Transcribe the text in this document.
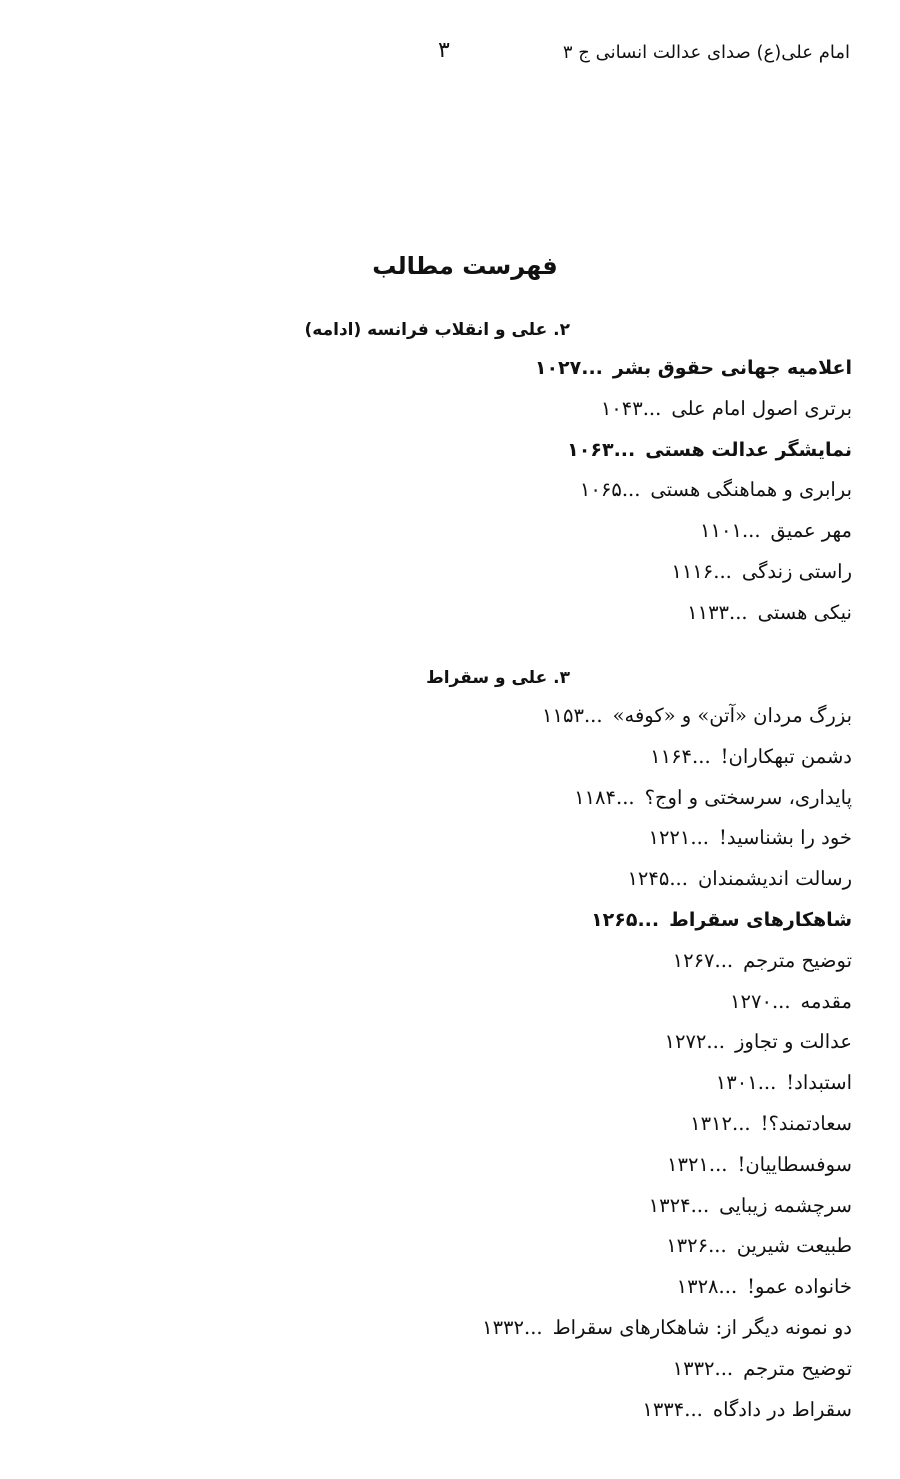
امام علی(ع) صدای عدالت انسانی ج ۳
۳
فهرست مطالب
۲. علی و انقلاب فرانسه (ادامه)
اعلامیه جهانی حقوق بشر
...۱۰۲۷
برتری اصول امام علی
...۱۰۴۳
نمایشگر عدالت هستی
...۱۰۶۳
برابری و هماهنگی هستی
...۱۰۶۵
مهر عمیق
...۱۱۰۱
راستی زندگی
...۱۱۱۶
نیکی هستی
...۱۱۳۳
۳. علی و سقراط
بزرگ مردان «آتن» و «کوفه»
...۱۱۵۳
دشمن تبهکاران!
...۱۱۶۴
پایداری، سرسختی و اوج؟
...۱۱۸۴
خود را بشناسید!
...۱۲۲۱
رسالت اندیشمندان
...۱۲۴۵
شاهکارهای سقراط
...۱۲۶۵
توضیح مترجم
...۱۲۶۷
مقدمه
...۱۲۷۰
عدالت و تجاوز
...۱۲۷۲
استبداد!
...۱۳۰۱
سعادتمند؟!
...۱۳۱۲
سوفسطاییان!
...۱۳۲۱
سرچشمه زیبایی
...۱۳۲۴
طبیعت شیرین
...۱۳۲۶
خانواده عمو!
...۱۳۲۸
دو نمونه دیگر از: شاهکارهای سقراط
...۱۳۳۲
توضیح مترجم
...۱۳۳۲
سقراط در دادگاه
...۱۳۳۴
